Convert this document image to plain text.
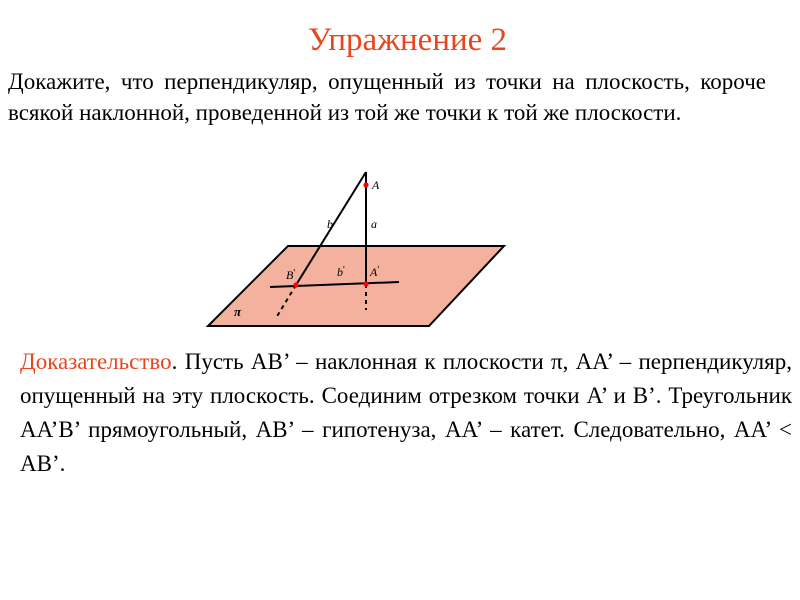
Упражнение 2
Докажите, что перпендикуляр, опущенный из точки на плоскость, короче всякой наклонной, проведенной из той же точки к той же плоскости.
A
b	a
B'	b' A'
π
Доказательство. Пусть AB’ – наклонная к плоскости π, AA’ – перпендикуляр, опущенный на эту плоскость. Соединим отрезком точки A’ и B’. Треугольник AA’B’ прямоугольный, AB’ – гипотенуза, AA’ – катет. Следовательно, AA’ < AB’.
